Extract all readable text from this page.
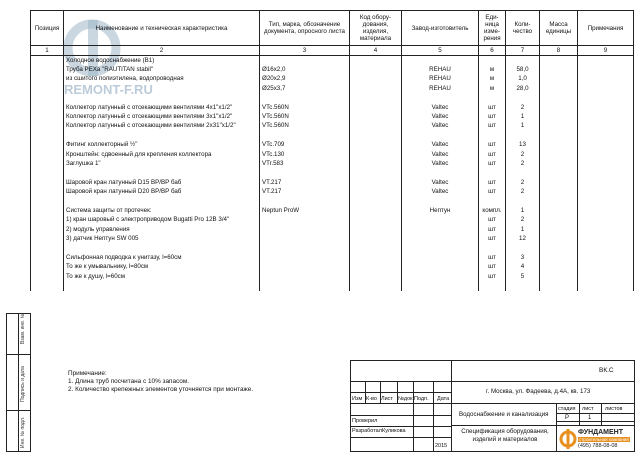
REMONT-F.RU
Позиция	Наименование и техническая характеристика	Тип, марка, обозначение документа, опросного листа	Код обору-дования, изделия, материала	Завод-изготовитель	Еди-ница изме-рения	Коли-чество	Масса единицы	Примечания
1	2	3	4	5	6	7	8	9
	Холодное водоснабжение (В1)							
	Труба PEXa "RAUTITAN stabil"	Ø16х2,0		REHAU	м	58,0		
	из сшитого полиэтилена, водопроводная	Ø20х2,9		REHAU	м	1,0		
		Ø25х3,7		REHAU	м	28,0		

	Коллектор латунный с отсекающими вентилями 4х1"х1/2"	VTc.560N		Valtec	шт	2		
	Коллектор латунный с отсекающими вентилями 3х1"х1/2"	VTc.560N		Valtec	шт	1		
	Коллектор латунный с отсекающими вентилями 2х31"х1/2"	VTc.560N		Valtec	шт	1		

	Фитинг коллекторный ½"	VTc.709		Valtec	шт	13		
	Кронштейн: сдвоенный для крепления коллектора	VTc.130		Valtec	шт	2		
	Заглушка 1"	VTr.583		Valtec	шт	2		

	Шаровой кран латунный D15 ВР/ВР баб	VT.217		Valtec	шт	2		
	Шаровой кран латунный D20 ВР/ВР баб	VT.217		Valtec	шт	2		

	Система защиты от протечек:	Neptun ProW		Нептун	компл.	1		
	1) кран шаровый с электроприводом Bugatti Pro 12В 3/4"				шт	2		
	2) модуль управления				шт	1		
	3) датчик Нептун SW 005				шт	12		

	Сильфонная подводка к унитазу, l=60см				шт	3		
	То же к умывальнику, l=80см				шт	4		
	То же к душу, l=60см				шт	5		

Взам. инв. №
Подпись и дата
Инв. № подл.
Примечание:
1. Длина труб посчитана с 10% запасом.
2. Количество крепежных элементов уточняется при монтаже.
ВК.С
г. Москва, ул. Фадеева, д.4А, кв. 173
Изм К-во Лист №док Подп. Дата
Проверил
Разработал Куликова
2015
Водоснабжение и канализация
стадия лист листов
Р	1
Спецификация оборудования, изделий и материалов
ФУНДАМЕНТ
строительная компания
(495) 788-08-08
